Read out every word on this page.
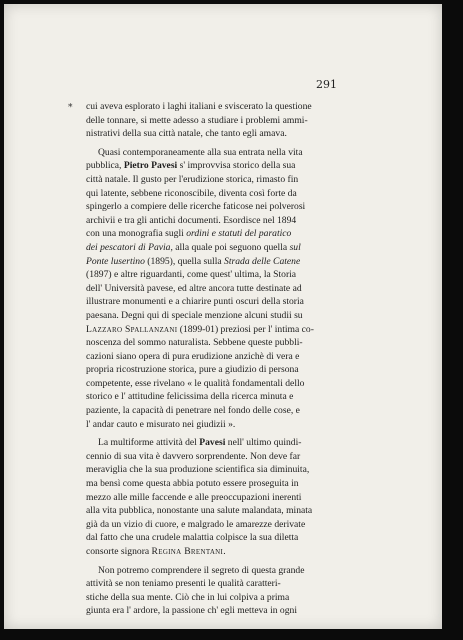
291
* cui aveva esplorato i laghi italiani e sviscerato la questione
delle tonnare, si mette adesso a studiare i problemi ammi-
nistrativi della sua città natale, che tanto egli amava.

Quasi contemporaneamente alla sua entrata nella vita
pubblica, Pietro Pavesi s' improvvisa storico della sua
città natale. Il gusto per l'erudizione storica, rimasto fin
qui latente, sebbene riconoscibile, diventa così forte da
spingerlo a compiere delle ricerche faticose nei polverosi
archivii e tra gli antichi documenti. Esordisce nel 1894
con una monografia sugli ordini e statuti del paratico
dei pescatori di Pavia, alla quale poi seguono quella sul
Ponte lusertino (1895), quella sulla Strada delle Catene
(1897) e altre riguardanti, come quest' ultima, la Storia
dell' Università pavese, ed altre ancora tutte destinate ad
illustrare monumenti e a chiarire punti oscuri della storia
paesana. Degni qui di speciale menzione alcuni studii su
Lazzaro Spallanzani (1899-01) preziosi per l' intima co-
noscenza del sommo naturalista. Sebbene queste pubbli-
cazioni siano opera di pura erudizione anzichè di vera e
propria ricostruzione storica, pure a giudizio di persona
competente, esse rivelano « le qualità fondamentali dello
storico e l' attitudine felicissima della ricerca minuta e
paziente, la capacità di penetrare nel fondo delle cose, e
l' andar cauto e misurato nei giudizii ».

La multiforme attività del Pavesi nell' ultimo quindi-
cennio di sua vita è davvero sorprendente. Non deve far
meraviglia che la sua produzione scientifica sia diminuita,
ma bensì come questa abbia potuto essere proseguita in
mezzo alle mille faccende e alle preoccupazioni inerenti
alla vita pubblica, nonostante una salute malandata, minata
già da un vizio di cuore, e malgrado le amarezze derivate
dal fatto che una crudele malattia colpisce la sua diletta
consorte signora Regina Brentani.

Non potremo comprendere il segreto di questa grande
attività se non teniamo presenti le qualità caratteri-
stiche della sua mente. Ciò che in lui colpiva a prima
giunta era l' ardore, la passione ch' egli metteva in ogni
